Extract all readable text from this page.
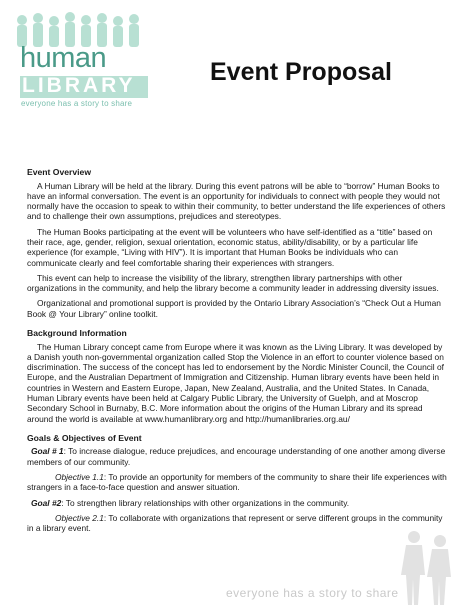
human
LIBRARY
everyone has a story to share
Event Proposal
Event Overview

A Human Library will be held at the library. During this event patrons will be able to “borrow” Human Books to have an informal conversation. The event is an opportunity for individuals to connect with people they would not normally have the occasion to speak to within their community, to better understand the life experiences of others and to challenge their own assumptions, prejudices and stereotypes.

The Human Books participating at the event will be volunteers who have self-identified as a “title” based on their race, age, gender, religion, sexual orientation, economic status, ability/disability, or by a particular life experience (for example, “Living with HIV”). It is important that Human Books be individuals who can communicate clearly and feel comfortable sharing their experiences with strangers.

This event can help to increase the visibility of the library, strengthen library partnerships with other organizations in the community, and help the library become a community leader in addressing diversity issues.

Organizational and promotional support is provided by the Ontario Library Association’s “Check Out a Human Book @ Your Library” online toolkit.

Background Information

The Human Library concept came from Europe where it was known as the Living Library. It was developed by a Danish youth non-governmental organization called Stop the Violence in an effort to counter violence based on discrimination. The success of the concept has led to endorsement by the Nordic Minister Council, the Council of Europe, and the Australian Department of Immigration and Citizenship. Human library events have been held in countries in Western and Eastern Europe, Japan, New Zealand, Australia, and the United States. In Canada, Human Library events have been held at Calgary Public Library, the University of Guelph, and at Moscrop Secondary School in Burnaby, B.C. More information about the origins of the Human Library and its spread around the world is available at www.humanlibrary.org and http://humanlibraries.org.au/

Goals & Objectives of Event

Goal # 1: To increase dialogue, reduce prejudices, and encourage understanding of one another among diverse members of our community.

Objective 1.1: To provide an opportunity for members of the community to share their life experiences with strangers in a face-to-face question and answer situation.

Goal #2: To strengthen library relationships with other organizations in the community.

Objective 2.1: To collaborate with organizations that represent or serve different groups in the community in a library event.

everyone has a story to share
